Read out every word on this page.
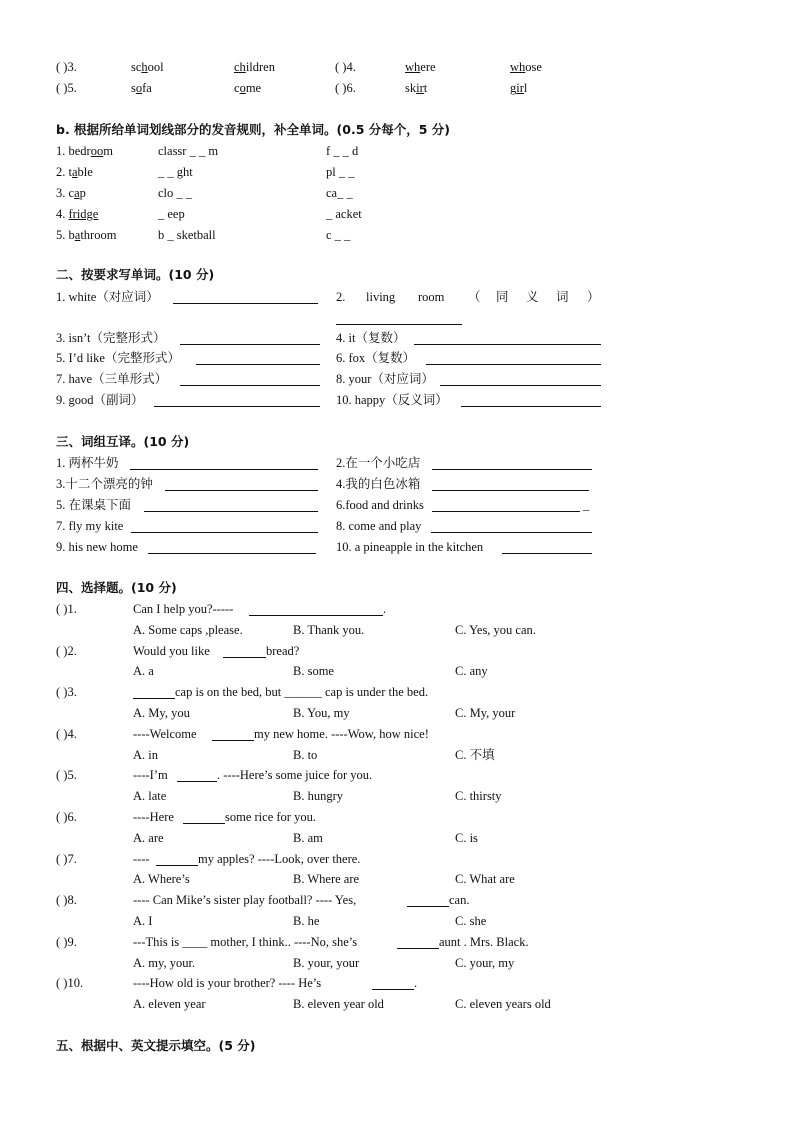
( )3.	school	children	( )4.	where	whose
( )5.	sofa	come	( )6.	skirt	girl
b. 根据所给单词划线部分的发音规则，补全单词。(0.5 分每个，5 分)
1. bedroom	classr _ _ m	f _ _ d
2. table	_ _ ght	pl _ _
3. cap	clo _ _	ca_ _
4. fridge	_ eep	_ acket
5. bathroom	b _ sketball	c _ _
二、按要求写单词。(10 分)
1. white（对应词）	2. living room （ 同 义 词 ）
3. isn’t（完整形式）	4. it（复数）
5. I’d like（完整形式）	6. fox（复数）
7. have（三单形式）	8. your（对应词）
9. good（副词）	10. happy（反义词）
三、词组互译。(10 分)
1. 两杯牛奶	2.在一个小吃店
3.十二个漂亮的钟	4.我的白色冰箱
5. 在课桌下面	6.food and drinks	_
7. fly my kite	8. come and play
9. his new home	10. a pineapple in the kitchen
四、选择题。(10 分)
( )1.	Can I help you?-----	.
A. Some caps ,please.	B. Thank you.	C. Yes, you can.
( )2.	Would you like	bread?
A. a	B. some	C. any
( )3.	cap is on the bed, but ______ cap is under the bed.
A. My, you	B. You, my	C. My, your
( )4.	----Welcome	my new home. ----Wow, how nice!
A. in	B. to	C. 不填
( )5.	----I’m	. ----Here’s some juice for you.
A. late	B. hungry	C. thirsty
( )6.	----Here	some rice for you.
A. are	B. am	C. is
( )7.	----	my apples? ----Look, over there.
A. Where’s	B. Where are	C. What are
( )8.	---- Can Mike’s sister play football? ---- Yes,	can.
A. I	B. he	C. she
( )9.	---This is ____ mother, I think.. ----No, she’s	aunt . Mrs. Black.
A. my, your.	B. your, your	C. your, my
( )10.	----How old is your brother? ---- He’s	.
A. eleven year	B. eleven year old	C. eleven years old
五、根据中、英文提示填空。(5 分)
